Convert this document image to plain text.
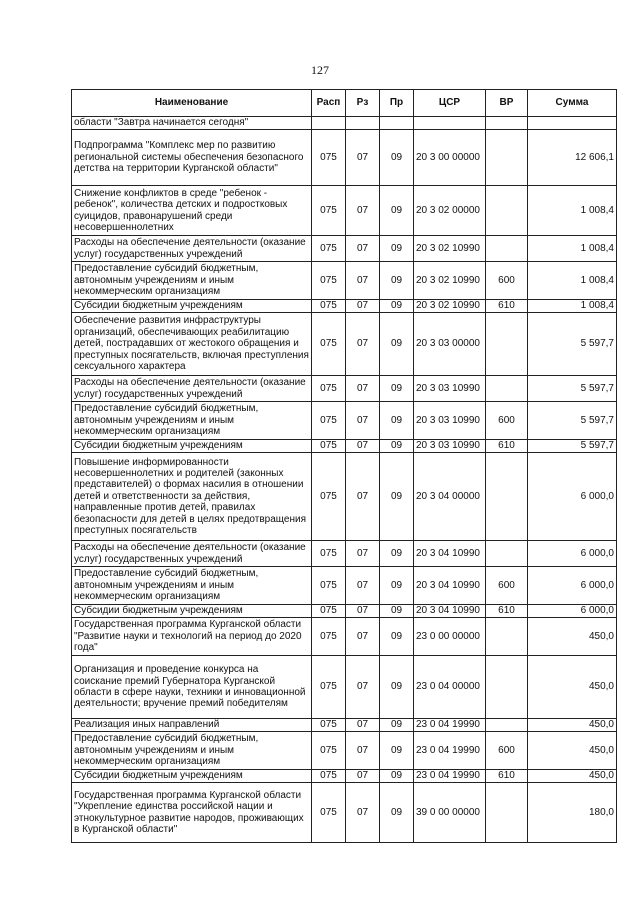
127
Наименование	Расп	Рз	Пр	ЦСР	ВР	Сумма
области "Завтра начинается сегодня"						
Подпрограмма "Комплекс мер по развитию региональной системы обеспечения безопасного детства на территории Курганской области"	075	07	09	20 3 00 00000		12 606,1
Снижение конфликтов в среде "ребенок - ребенок", количества детских и подростковых суицидов, правонарушений среди несовершеннолетних	075	07	09	20 3 02 00000		1 008,4
Расходы на обеспечение деятельности (оказание услуг) государственных учреждений	075	07	09	20 3 02 10990		1 008,4
Предоставление субсидий бюджетным, автономным учреждениям и иным некоммерческим организациям	075	07	09	20 3 02 10990	600	1 008,4
Субсидии бюджетным учреждениям	075	07	09	20 3 02 10990	610	1 008,4
Обеспечение развития инфраструктуры организаций, обеспечивающих реабилитацию детей, пострадавших от жестокого обращения и преступных посягательств, включая преступления сексуального характера	075	07	09	20 3 03 00000		5 597,7
Расходы на обеспечение деятельности (оказание услуг) государственных учреждений	075	07	09	20 3 03 10990		5 597,7
Предоставление субсидий бюджетным, автономным учреждениям и иным некоммерческим организациям	075	07	09	20 3 03 10990	600	5 597,7
Субсидии бюджетным учреждениям	075	07	09	20 3 03 10990	610	5 597,7
Повышение информированности несовершеннолетних и родителей (законных представителей) о формах насилия в отношении детей и ответственности за действия, направленные против детей, правилах безопасности для детей в целях предотвращения преступных посягательств	075	07	09	20 3 04 00000		6 000,0
Расходы на обеспечение деятельности (оказание услуг) государственных учреждений	075	07	09	20 3 04 10990		6 000,0
Предоставление субсидий бюджетным, автономным учреждениям и иным некоммерческим организациям	075	07	09	20 3 04 10990	600	6 000,0
Субсидии бюджетным учреждениям	075	07	09	20 3 04 10990	610	6 000,0
Государственная программа Курганской области "Развитие науки и технологий на период до 2020 года"	075	07	09	23 0 00 00000		450,0
Организация и проведение конкурса на соискание премий Губернатора Курганской области в сфере науки, техники и инновационной деятельности; вручение премий победителям	075	07	09	23 0 04 00000		450,0
Реализация иных направлений	075	07	09	23 0 04 19990		450,0
Предоставление субсидий бюджетным, автономным учреждениям и иным некоммерческим организациям	075	07	09	23 0 04 19990	600	450,0
Субсидии бюджетным учреждениям	075	07	09	23 0 04 19990	610	450,0
Государственная программа Курганской области "Укрепление единства российской нации и этнокультурное развитие народов, проживающих в Курганской области"	075	07	09	39 0 00 00000		180,0
